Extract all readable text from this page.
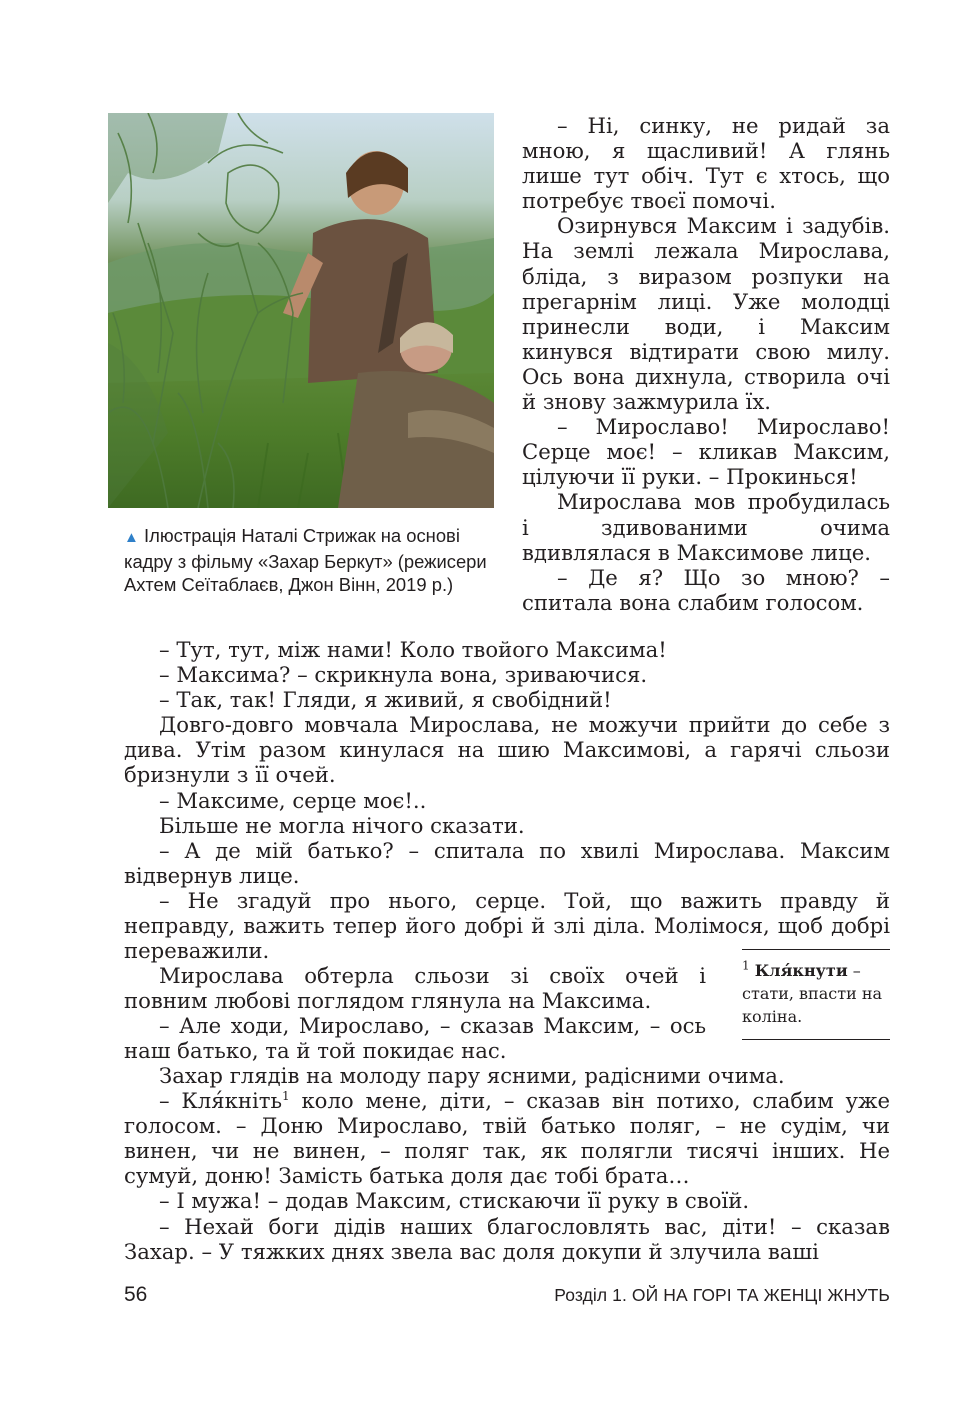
▲ Ілюстрація Наталі Стрижак на основі кадру з фільму «Захар Беркут» (режисери Ахтем Сеїтаблаєв, Джон Вінн, 2019 р.)

– Ні, синку, не ридай за мною, я щасливий! А глянь лише тут обіч. Тут є хтось, що потребує твоєї помочі.

Озирнувся Максим і задубів. На землі лежала Мирослава, бліда, з виразом розпуки на прегарнім лиці. Уже молодці принесли води, і Максим кинувся відтирати свою милу. Ось вона дихнула, створила очі й знову зажмурила їх.

– Мирославо! Мирославо! Серце моє! – кликав Максим, цілуючи її руки. – Прокинься!

Мирослава мов пробудилась і здивованими очима вдивлялася в Максимове лице.

– Де я? Що зо мною? – спитала вона слабим голосом.

– Тут, тут, між нами! Коло твойого Максима!

– Максима? – скрикнула вона, зриваючися.

– Так, так! Гляди, я живий, я свобідний!

Довго-довго мовчала Мирослава, не можучи прийти до себе з дива. Утім разом кинулася на шию Максимові, а гарячі сльози бризнули з її очей.

– Максиме, серце моє!..

Більше не могла нічого сказати.

– А де мій батько? – спитала по хвилі Мирослава. Максим відвернув лице.

– Не згадуй про нього, серце. Той, що важить правду й неправду, важить тепер його добрі й злі діла. Молімося, щоб добрі переважили.

Мирослава обтерла сльози зі своїх очей і повним любові поглядом глянула на Максима.

– Але ходи, Мирославо, – сказав Максим, – ось наш батько, та й той покидає нас.

$^1$ Кля́кнути – стати, впасти на коліна.

Захар глядів на молоду пару ясними, радісними очима.

– Кля́кніть$^1$ коло мене, діти, – сказав він потихо, слабим уже голосом. – Доню Мирославо, твій батько поляг, – не судім, чи винен, чи не винен, – поляг так, як полягли тисячі інших. Не сумуй, доню! Замість батька доля дає тобі брата…

– І мужа! – додав Максим, стискаючи її руку в своїй.

– Нехай боги дідів наших благословлять вас, діти! – сказав Захар. – У тяжких днях звела вас доля докупи й злучила ваші

56	Розділ 1. ОЙ НА ГОРІ ТА ЖЕНЦІ ЖНУТЬ
